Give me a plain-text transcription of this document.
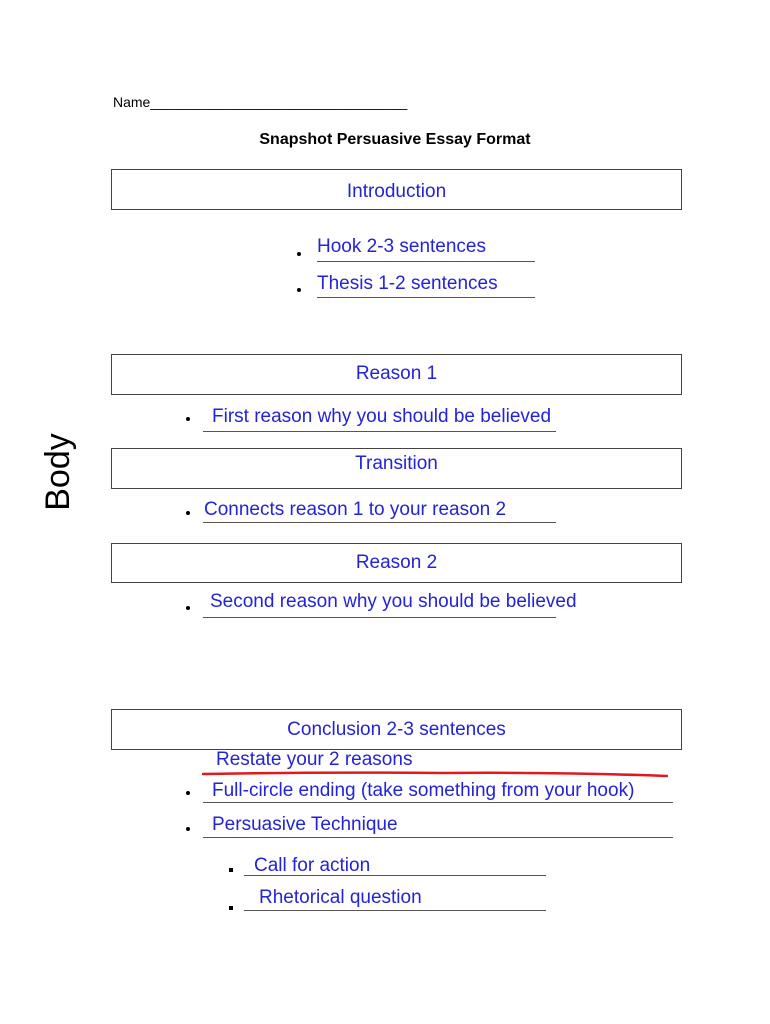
Name_________________________________
Snapshot Persuasive Essay Format
Introduction
Hook 2-3 sentences
Thesis 1-2 sentences
Body
Reason 1
First reason why you should be believed
Transition
Connects reason 1 to your reason 2
Reason 2
Second reason why you should be believed
Conclusion 2-3 sentences
Restate your 2 reasons
Full-circle ending (take something from your hook)
Persuasive Technique
Call for action
Rhetorical question
